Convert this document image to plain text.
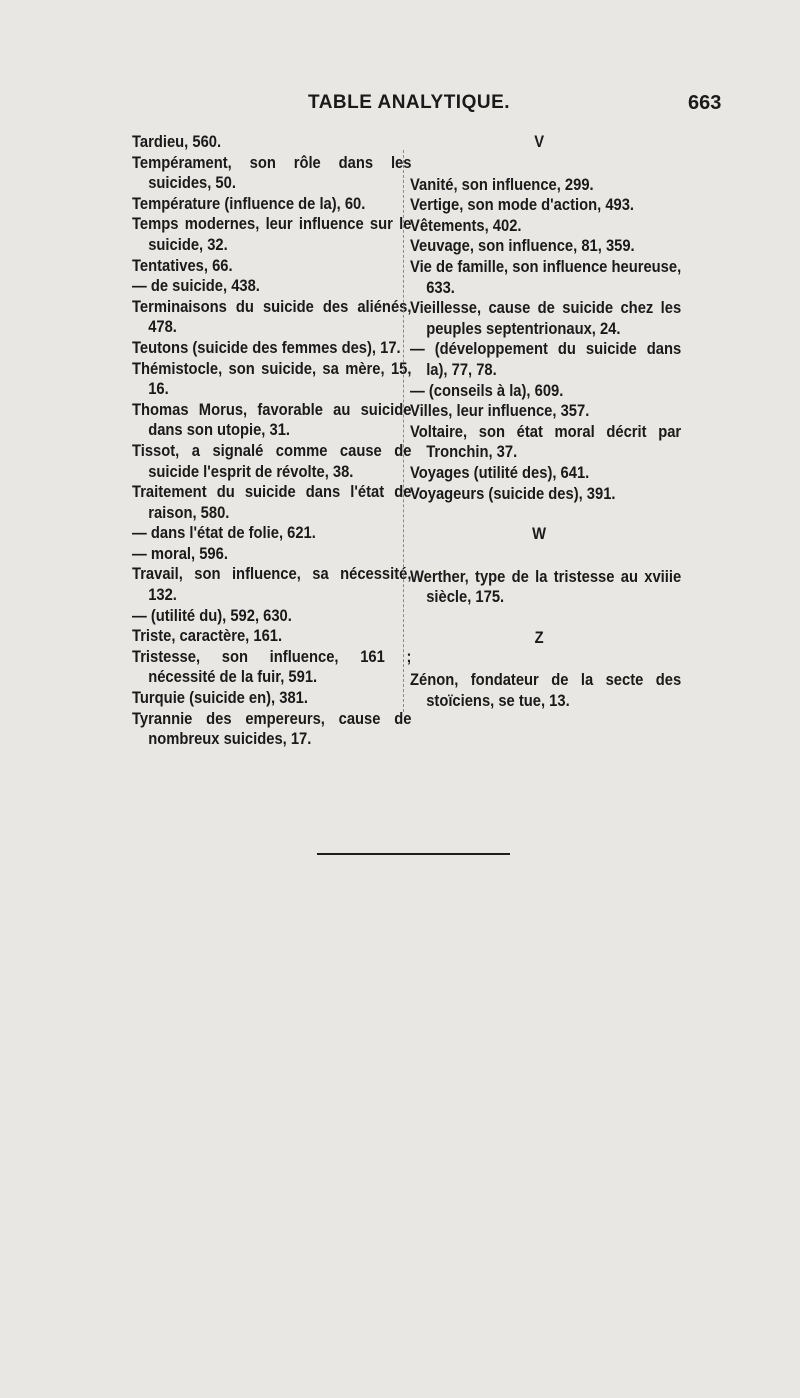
TABLE ANALYTIQUE.	663

Tardieu, 560.

Tempérament, son rôle dans les suicides, 50.

Température (influence de la), 60.

Temps modernes, leur influence sur le suicide, 32.

Tentatives, 66.

— de suicide, 438.

Terminaisons du suicide des aliénés, 478.

Teutons (suicide des femmes des), 17.

Thémistocle, son suicide, sa mère, 15, 16.

Thomas Morus, favorable au suicide dans son utopie, 31.

Tissot, a signalé comme cause de suicide l'esprit de révolte, 38.

Traitement du suicide dans l'état de raison, 580.

— dans l'état de folie, 621.

— moral, 596.

Travail, son influence, sa nécessité, 132.

— (utilité du), 592, 630.

Triste, caractère, 161.

Tristesse, son influence, 161 ; nécessité de la fuir, 591.

Turquie (suicide en), 381.

Tyrannie des empereurs, cause de nombreux suicides, 17.

V

Vanité, son influence, 299.

Vertige, son mode d'action, 493.

Vêtements, 402.

Veuvage, son influence, 81, 359.

Vie de famille, son influence heureuse, 633.

Vieillesse, cause de suicide chez les peuples septentrionaux, 24.

— (développement du suicide dans la), 77, 78.

— (conseils à la), 609.

Villes, leur influence, 357.

Voltaire, son état moral décrit par Tronchin, 37.

Voyages (utilité des), 641.

Voyageurs (suicide des), 391.

W

Werther, type de la tristesse au xviiie siècle, 175.

Z

Zénon, fondateur de la secte des stoïciens, se tue, 13.
